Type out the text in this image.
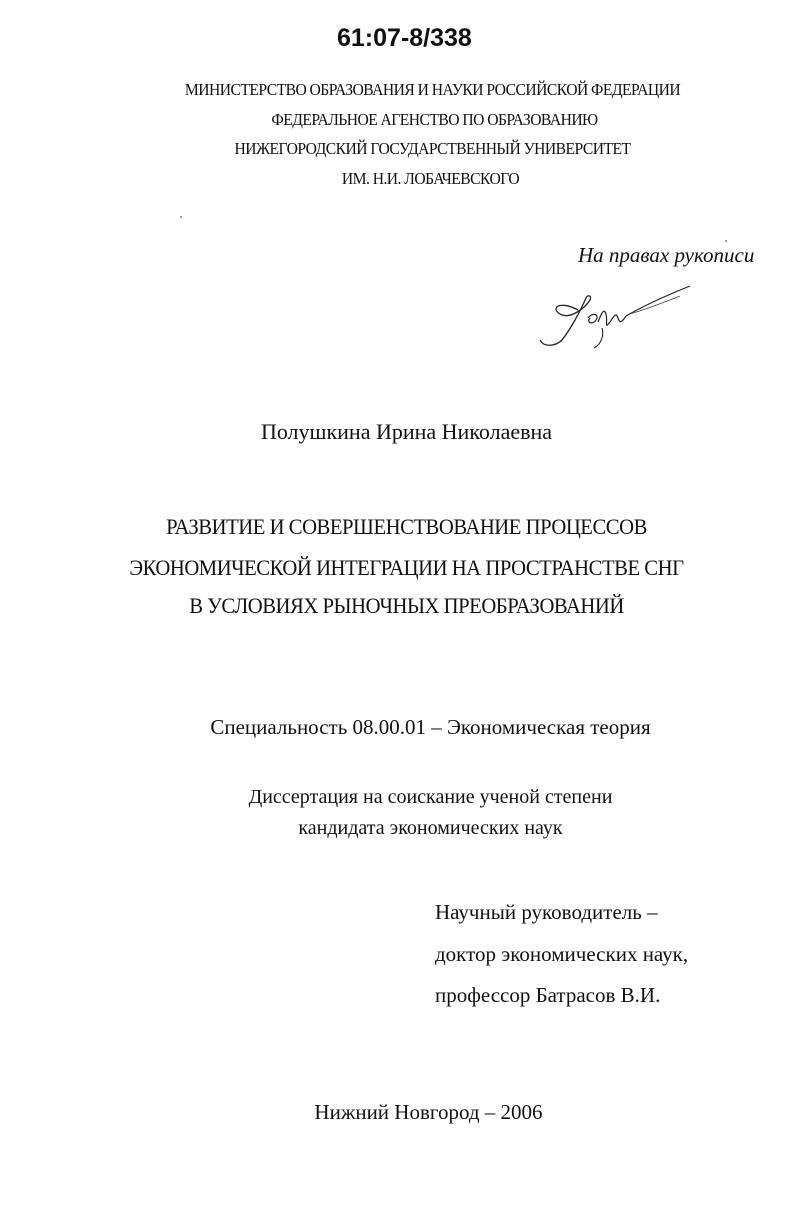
61:07-8/338
МИНИСТЕРСТВО ОБРАЗОВАНИЯ И НАУКИ РОССИЙСКОЙ ФЕДЕРАЦИИ
ФЕДЕРАЛЬНОЕ АГЕНСТВО ПО ОБРАЗОВАНИЮ
НИЖЕГОРОДСКИЙ ГОСУДАРСТВЕННЫЙ УНИВЕРСИТЕТ
ИМ. Н.И. ЛОБАЧЕВСКОГО
На правах рукописи
Полушкина Ирина Николаевна
РАЗВИТИЕ И СОВЕРШЕНСТВОВАНИЕ ПРОЦЕССОВ
ЭКОНОМИЧЕСКОЙ ИНТЕГРАЦИИ НА ПРОСТРАНСТВЕ СНГ
В УСЛОВИЯХ РЫНОЧНЫХ ПРЕОБРАЗОВАНИЙ
Специальность 08.00.01 – Экономическая теория
Диссертация на соискание ученой степени
кандидата экономических наук
Научный руководитель –
доктор экономических наук,
профессор Батрасов В.И.
Нижний Новгород – 2006
